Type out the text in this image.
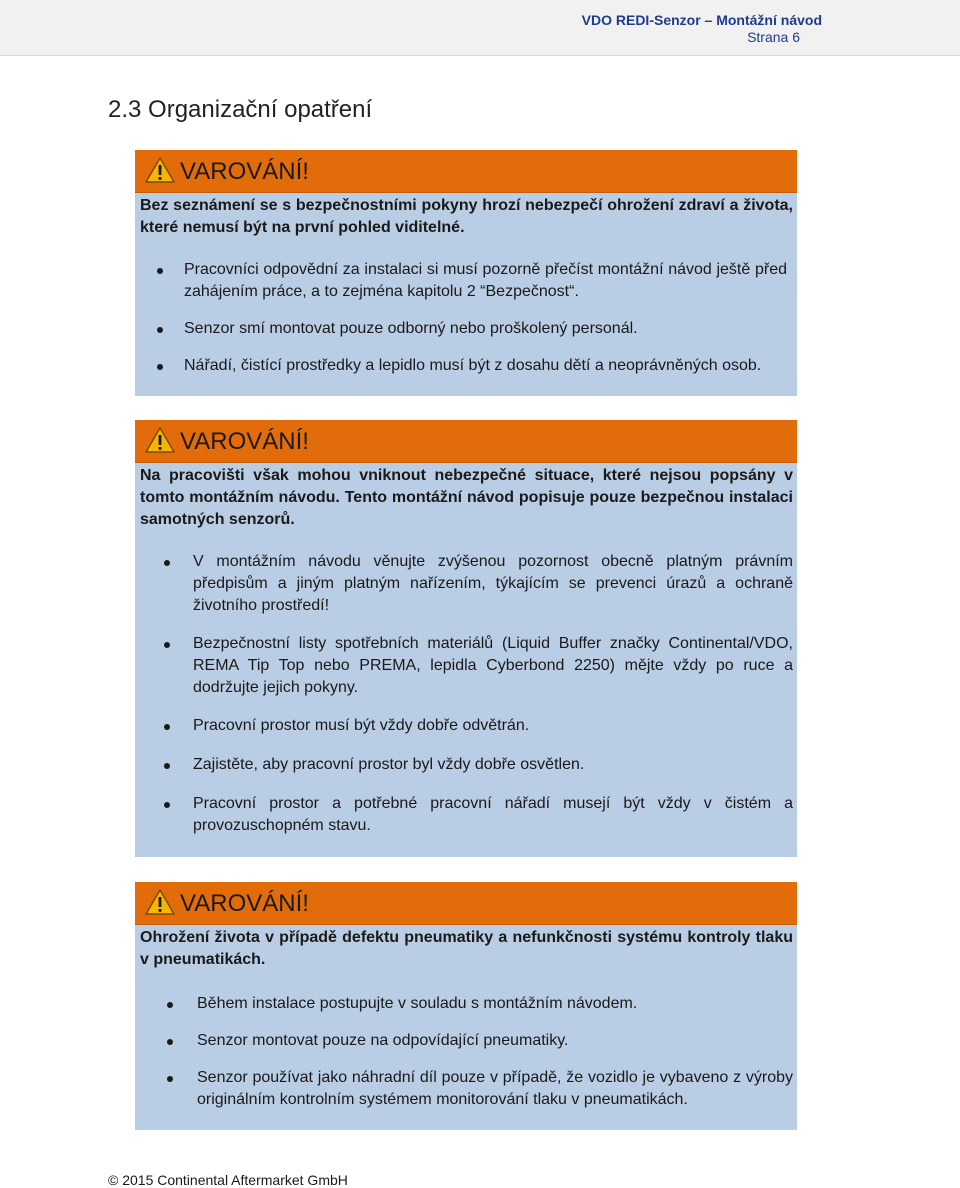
VDO REDI-Senzor – Montážní návod
Strana 6
2.3 Organizační opatření
VAROVÁNÍ!

Bez seznámení se s bezpečnostními pokyny hrozí nebezpečí ohrožení zdraví a života, které nemusí být na první pohled viditelné.

Pracovníci odpovědní za instalaci si musí pozorně přečíst montážní návod ještě před zahájením práce, a to zejména kapitolu 2 “Bezpečnost“.
Senzor smí montovat pouze odborný nebo proškolený personál.
Nářadí, čistící prostředky a lepidlo musí být z dosahu dětí a neoprávněných osob.
VAROVÁNÍ!

Na pracovišti však mohou vniknout nebezpečné situace, které nejsou popsány v tomto montážním návodu. Tento montážní návod popisuje pouze bezpečnou instalaci samotných senzorů.

V montážním návodu věnujte zvýšenou pozornost obecně platným právním předpisům a jiným platným nařízením, týkajícím se prevenci úrazů a ochraně životního prostředí!
Bezpečnostní listy spotřebních materiálů (Liquid Buffer značky Continental/VDO, REMA Tip Top nebo PREMA, lepidla Cyberbond 2250) mějte vždy po ruce a dodržujte jejich pokyny.
Pracovní prostor musí být vždy dobře odvětrán.
Zajistěte, aby pracovní prostor byl vždy dobře osvětlen.
Pracovní prostor a potřebné pracovní nářadí musejí být vždy v čistém a provozuschopném stavu.
VAROVÁNÍ!

Ohrožení života v případě defektu pneumatiky a nefunkčnosti systému kontroly tlaku v pneumatikách.

Během instalace postupujte v souladu s montážním návodem.
Senzor montovat pouze na odpovídající pneumatiky.
Senzor používat jako náhradní díl pouze v případě, že vozidlo je vybaveno z výroby originálním kontrolním systémem monitorování tlaku v pneumatikách.
© 2015 Continental Aftermarket GmbH
